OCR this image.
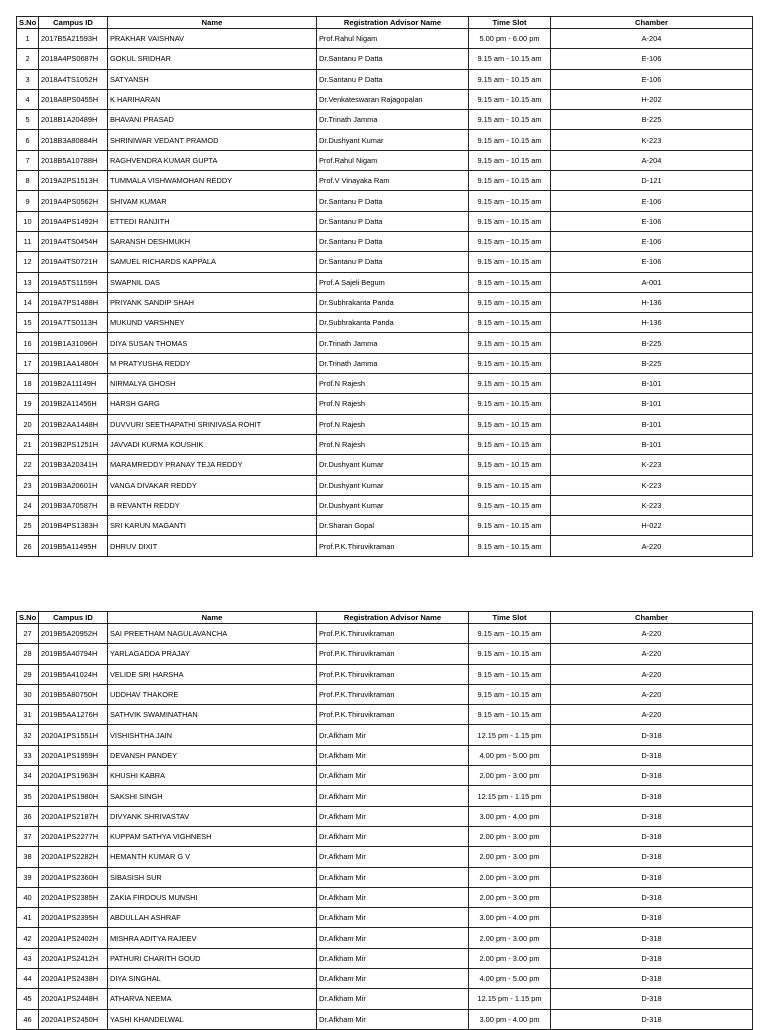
S.No	Campus ID	Name	Registration Advisor Name	Time Slot	Chamber
1	2017B5A21593H	PRAKHAR VAISHNAV	Prof.Rahul Nigam	5.00 pm - 6.00 pm	A-204
2	2018A4PS0687H	GOKUL SRIDHAR	Dr.Santanu P Datta	9.15 am - 10.15 am	E-106
3	2018A4TS1052H	SATYANSH	Dr.Santanu P Datta	9.15 am - 10.15 am	E-106
4	2018A8PS0455H	K HARIHARAN	Dr.Venkateswaran Rajagopalan	9.15 am - 10.15 am	H-202
5	2018B1A20489H	BHAVANI PRASAD	Dr.Trinath Jamma	9.15 am - 10.15 am	B-225
6	2018B3A80884H	SHRINIWAR VEDANT PRAMOD	Dr.Dushyant Kumar	9.15 am - 10.15 am	K-223
7	2018B5A10788H	RAGHVENDRA KUMAR GUPTA	Prof.Rahul Nigam	9.15 am - 10.15 am	A-204
8	2019A2PS1513H	TUMMALA VISHWAMOHAN REDDY	Prof.V Vinayaka Ram	9.15 am - 10.15 am	D-121
9	2019A4PS0562H	SHIVAM KUMAR	Dr.Santanu P Datta	9.15 am - 10.15 am	E-106
10	2019A4PS1492H	ETTEDI RANJITH	Dr.Santanu P Datta	9.15 am - 10.15 am	E-106
11	2019A4TS0454H	SARANSH DESHMUKH	Dr.Santanu P Datta	9.15 am - 10.15 am	E-106
12	2019A4TS0721H	SAMUEL RICHARDS KAPPALA	Dr.Santanu P Datta	9.15 am - 10.15 am	E-106
13	2019A5TS1159H	SWAPNIL DAS	Prof.A Sajeli Begum	9.15 am - 10.15 am	A-001
14	2019A7PS1488H	PRIYANK SANDIP SHAH	Dr.Subhrakanta Panda	9.15 am - 10.15 am	H-136
15	2019A7TS0113H	MUKUND VARSHNEY	Dr.Subhrakanta Panda	9.15 am - 10.15 am	H-136
16	2019B1A31096H	DIYA SUSAN THOMAS	Dr.Trinath Jamma	9.15 am - 10.15 am	B-225
17	2019B1AA1480H	M PRATYUSHA REDDY	Dr.Trinath Jamma	9.15 am - 10.15 am	B-225
18	2019B2A11149H	NIRMALYA GHOSH	Prof.N Rajesh	9.15 am - 10.15 am	B-101
19	2019B2A11456H	HARSH GARG	Prof.N Rajesh	9.15 am - 10.15 am	B-101
20	2019B2AA1448H	DUVVURI SEETHAPATHI SRINIVASA ROHIT	Prof.N Rajesh	9.15 am - 10.15 am	B-101
21	2019B2PS1251H	JAVVADI KURMA KOUSHIK	Prof.N Rajesh	9.15 am - 10.15 am	B-101
22	2019B3A20341H	MARAMREDDY PRANAY TEJA REDDY	Dr.Dushyant Kumar	9.15 am - 10.15 am	K-223
23	2019B3A20601H	VANGA DIVAKAR REDDY	Dr.Dushyant Kumar	9.15 am - 10.15 am	K-223
24	2019B3A70587H	B REVANTH REDDY	Dr.Dushyant Kumar	9.15 am - 10.15 am	K-223
25	2019B4PS1383H	SRI KARUN MAGANTI	Dr.Sharan Gopal	9.15 am - 10.15 am	H-022
26	2019B5A11495H	DHRUV DIXIT	Prof.P.K.Thiruvikraman	9.15 am - 10.15 am	A-220
S.No	Campus ID	Name	Registration Advisor Name	Time Slot	Chamber
27	2019B5A20952H	SAI PREETHAM NAGULAVANCHA	Prof.P.K.Thiruvikraman	9.15 am - 10.15 am	A-220
28	2019B5A40794H	YARLAGADDA PRAJAY	Prof.P.K.Thiruvikraman	9.15 am - 10.15 am	A-220
29	2019B5A41024H	VELIDE SRI HARSHA	Prof.P.K.Thiruvikraman	9.15 am - 10.15 am	A-220
30	2019B5A80750H	UDDHAV THAKORE	Prof.P.K.Thiruvikraman	9.15 am - 10.15 am	A-220
31	2019B5AA1276H	SATHVIK SWAMINATHAN	Prof.P.K.Thiruvikraman	9.15 am - 10.15 am	A-220
32	2020A1PS1551H	VISHISHTHA JAIN	Dr.Afkham Mir	12.15 pm - 1.15 pm	D-318
33	2020A1PS1959H	DEVANSH PANDEY	Dr.Afkham Mir	4.00 pm - 5.00 pm	D-318
34	2020A1PS1963H	KHUSHI KABRA	Dr.Afkham Mir	2.00 pm - 3.00 pm	D-318
35	2020A1PS1980H	SAKSHI SINGH	Dr.Afkham Mir	12.15 pm - 1.15 pm	D-318
36	2020A1PS2187H	DIVYANK SHRIVASTAV	Dr.Afkham Mir	3.00 pm - 4.00 pm	D-318
37	2020A1PS2277H	KUPPAM SATHYA VIGHNESH	Dr.Afkham Mir	2.00 pm - 3.00 pm	D-318
38	2020A1PS2282H	HEMANTH KUMAR G V	Dr.Afkham Mir	2.00 pm - 3.00 pm	D-318
39	2020A1PS2360H	SIBASISH SUR	Dr.Afkham Mir	2.00 pm - 3.00 pm	D-318
40	2020A1PS2385H	ZAKIA FIRDOUS MUNSHI	Dr.Afkham Mir	2.00 pm - 3.00 pm	D-318
41	2020A1PS2395H	ABDULLAH ASHRAF	Dr.Afkham Mir	3.00 pm - 4.00 pm	D-318
42	2020A1PS2402H	MISHRA ADITYA RAJEEV	Dr.Afkham Mir	2.00 pm - 3.00 pm	D-318
43	2020A1PS2412H	PATHURI CHARITH GOUD	Dr.Afkham Mir	2.00 pm - 3.00 pm	D-318
44	2020A1PS2438H	DIYA SINGHAL	Dr.Afkham Mir	4.00 pm - 5.00 pm	D-318
45	2020A1PS2448H	ATHARVA NEEMA	Dr.Afkham Mir	12.15 pm - 1.15 pm	D-318
46	2020A1PS2450H	YASHI KHANDELWAL	Dr.Afkham Mir	3.00 pm - 4.00 pm	D-318
